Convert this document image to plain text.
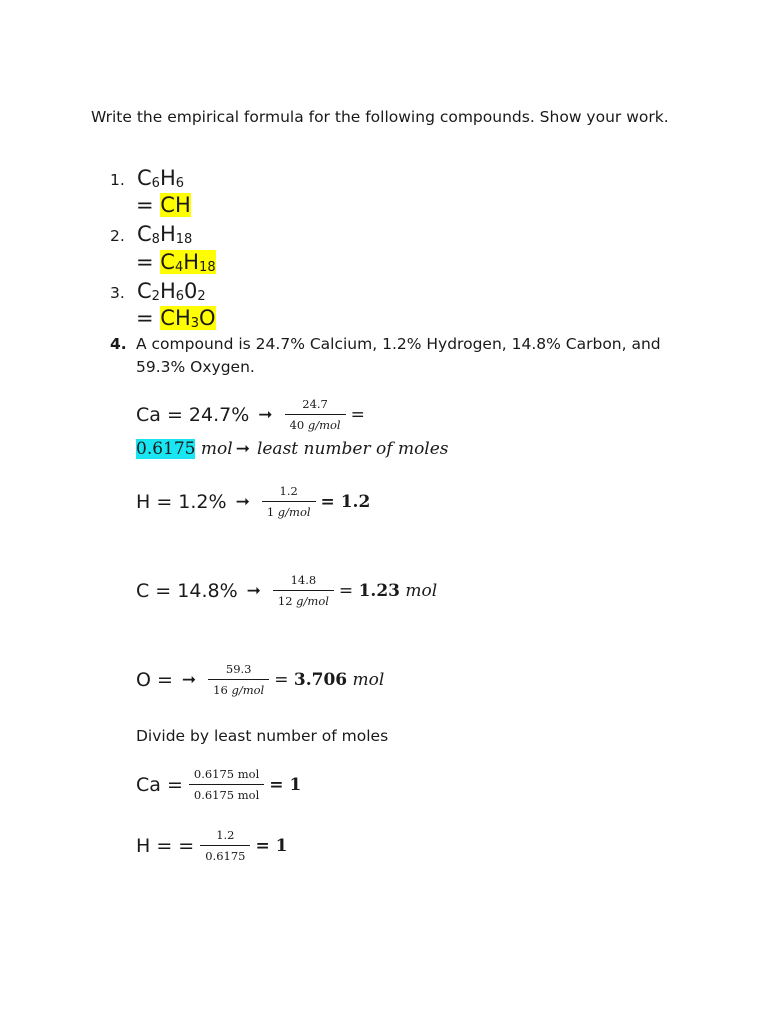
Write the empirical formula for the following compounds. Show your work.
1. $C_6H_6$
= CH
2. $C_8H_{18}$
= $C_4H_{18}$
3. $C_2H_60_2$
= $CH_3O$
4. A compound is 24.7% Calcium, 1.2% Hydrogen, 14.8% Carbon, and 59.3% Oxygen.
Ca = 24.7% ➞ $\frac{24.7}{\text{40 g/mol}}$ =
0.6175
mol ➞ least number of moles
H = 1.2% ➞ $\frac{1.2}{\text{1 g/mol}} = 1.2$
C = 14.8% ➞ $\frac{14.8}{\text{12 g/mol}} = 1.23$ mol
O = ➞ $\frac{59.3}{\text{16 g/mol}} = 3.706$ mol
Divide by least number of moles
$Ca = \frac{\text{0.6175 mol}}{\text{0.6175 mol}} = 1$
H = = $\frac{1.2}{0.6175} = 1$
